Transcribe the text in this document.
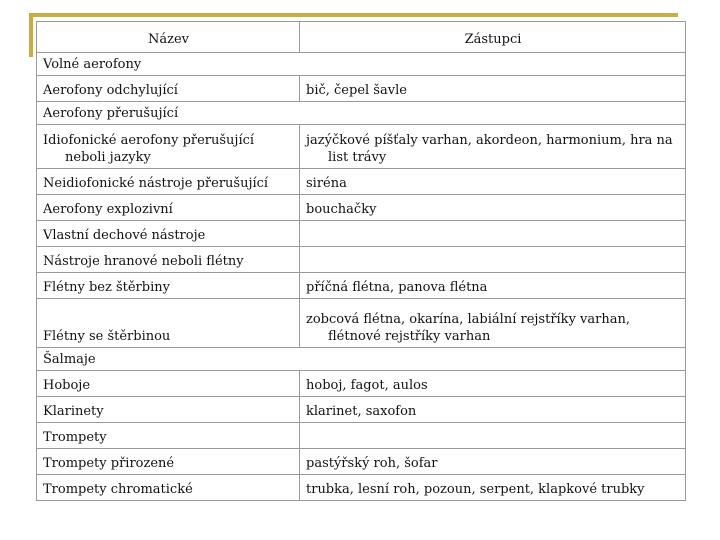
Název	Zástupci
Volné aerofony	
Aerofony odchylující	bič, čepel šavle
Aerofony přerušující	
Idiofonické aerofony přerušující neboli jazyky	jazýčkové píšťaly varhan, akordeon, harmonium, hra na list trávy
Neidiofonické nástroje přerušující	siréna
Aerofony explozivní	bouchačky
Vlastní dechové nástroje	
Nástroje hranové neboli flétny	
Flétny bez štěrbiny	příčná flétna, panova flétna
Flétny se štěrbinou	zobcová flétna, okarína, labiální rejstříky varhan, flétnové rejstříky varhan
Šalmaje	
Hoboje	hoboj, fagot, aulos
Klarinety	klarinet, saxofon
Trompety	
Trompety přirozené	pastýřský roh, šofar
Trompety chromatické	trubka, lesní roh, pozoun, serpent, klapkové trubky
